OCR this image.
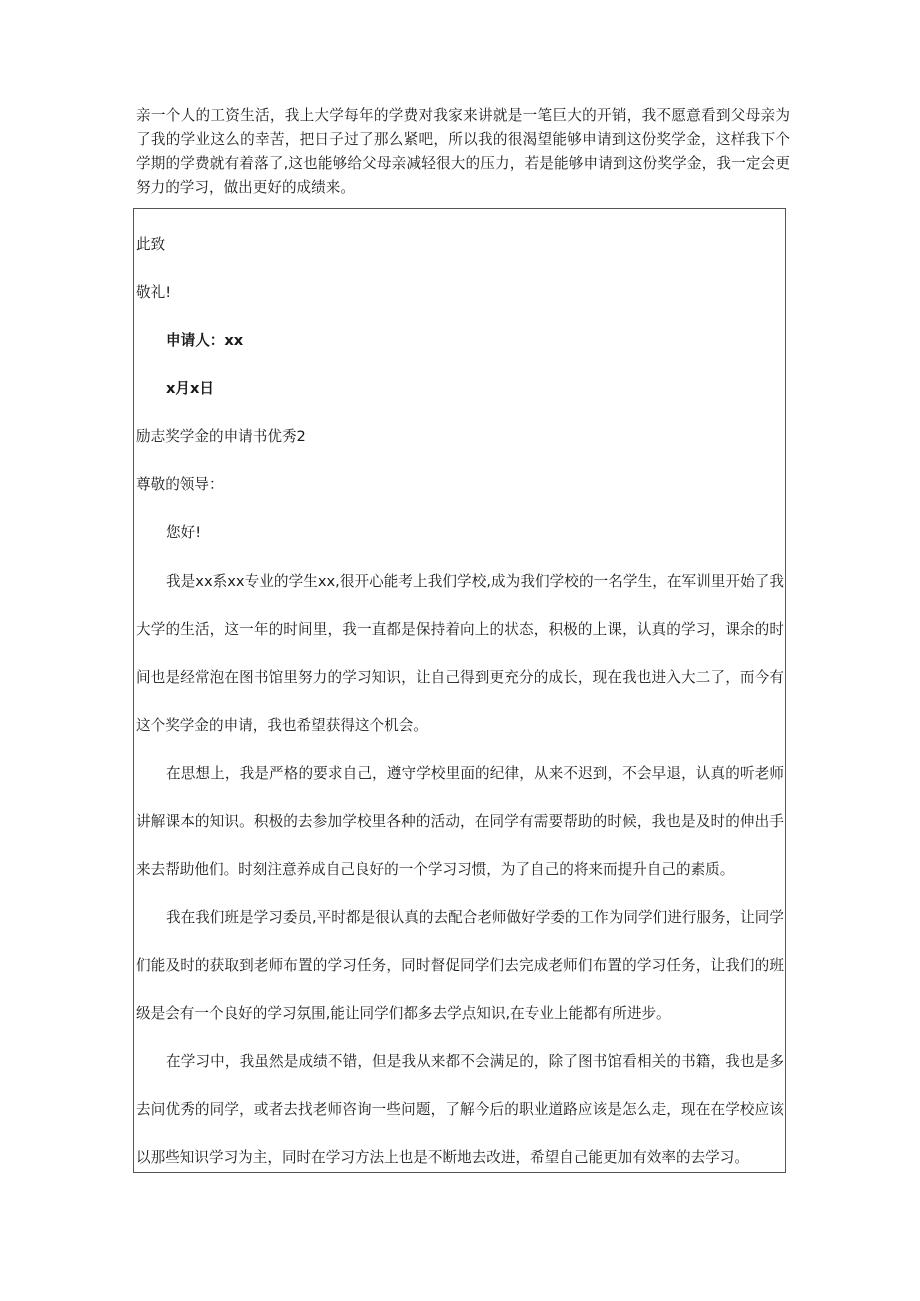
亲一个人的工资生活，我上大学每年的学费对我家来讲就是一笔巨大的开销，我不愿意看到父母亲为了我的学业这么的幸苦，把日子过了那么紧吧，所以我的很渴望能够申请到这份奖学金，这样我下个学期的学费就有着落了,这也能够给父母亲减轻很大的压力，若是能够申请到这份奖学金，我一定会更努力的学习，做出更好的成绩来。

此致

敬礼!

申请人：xx

x月x日

励志奖学金的申请书优秀2

尊敬的领导：

您好!

我是xx系xx专业的学生xx,很开心能考上我们学校,成为我们学校的一名学生，在军训里开始了我大学的生活，这一年的时间里，我一直都是保持着向上的状态，积极的上课，认真的学习，课余的时间也是经常泡在图书馆里努力的学习知识，让自己得到更充分的成长，现在我也进入大二了，而今有这个奖学金的申请，我也希望获得这个机会。

在思想上，我是严格的要求自己，遵守学校里面的纪律，从来不迟到，不会早退，认真的听老师讲解课本的知识。积极的去参加学校里各种的活动，在同学有需要帮助的时候，我也是及时的伸出手来去帮助他们。时刻注意养成自己良好的一个学习习惯，为了自己的将来而提升自己的素质。

我在我们班是学习委员,平时都是很认真的去配合老师做好学委的工作为同学们进行服务，让同学们能及时的获取到老师布置的学习任务，同时督促同学们去完成老师们布置的学习任务，让我们的班级是会有一个良好的学习氛围,能让同学们都多去学点知识,在专业上能都有所进步。

在学习中，我虽然是成绩不错，但是我从来都不会满足的，除了图书馆看相关的书籍，我也是多去问优秀的同学，或者去找老师咨询一些问题，了解今后的职业道路应该是怎么走，现在在学校应该以那些知识学习为主，同时在学习方法上也是不断地去改进，希望自己能更加有效率的去学习。
